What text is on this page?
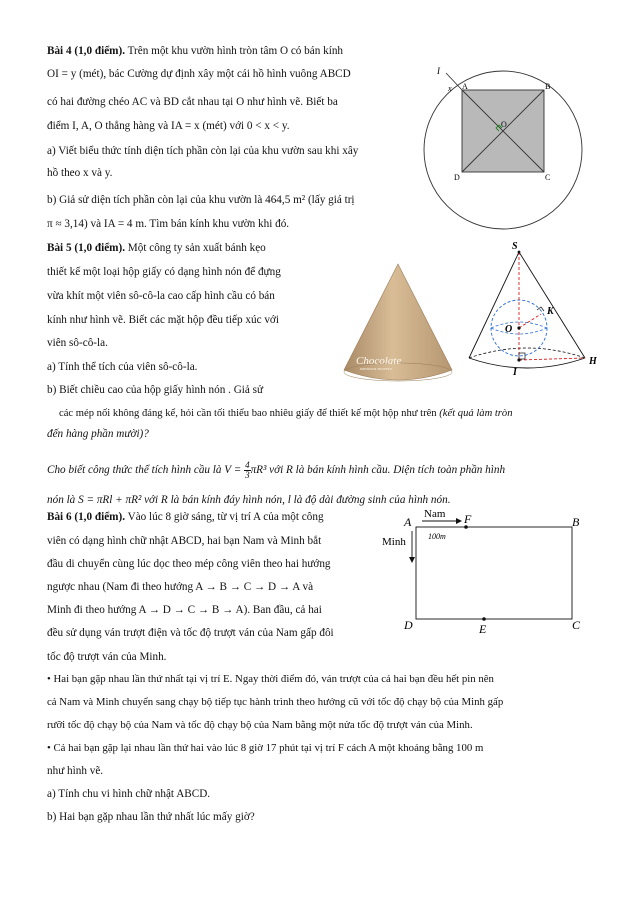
Bài 4 (1,0 điểm). Trên một khu vườn hình tròn tâm O có bán kính
OI = y (mét), bác Cường dự định xây một cái hồ hình vuông ABCD
có hai đường chéo AC và BD cắt nhau tại O như hình vẽ. Biết ba
điểm I, A, O thẳng hàng và IA = x (mét) với 0 < x < y.
a) Viết biểu thức tính diện tích phần còn lại của khu vườn sau khi xây
hồ theo x và y.
b) Giả sử diện tích phần còn lại của khu vườn là 464,5 m² (lấy giá trị
π ≈ 3,14) và IA = 4 m. Tìm bán kính khu vườn khi đó.
I
A
x	B
C
D
O
Bài 5 (1,0 điểm). Một công ty sản xuất bánh kẹo
thiết kế một loại hộp giấy có dạng hình nón để đựng
vừa khít một viên sô-cô-la cao cấp hình cầu có bán
kính như hình vẽ. Biết các mặt hộp đều tiếp xúc với
viên sô-cô-la.
a) Tính thể tích của viên sô-cô-la.
b) Biết chiều cao của hộp giấy hình nón . Giả sử
các mép nối không đáng kể, hỏi cần tối thiểu bao nhiêu giấy để thiết kế một hộp như trên (kết quả làm tròn
đến hàng phần mười)?
Cho biết công thức thể tích hình cầu là $V = \frac{4}{3} \pi R^3$ với R là bán kính hình cầu. Diện tích toàn phần hình
nón là S = πRl + πR² với R là bán kính đáy hình nón, l là độ dài đường sinh của hình nón.
Chocolate
PREMIUM TRUFFLE
S
K
O
I
H
Bài 6 (1,0 điểm). Vào lúc 8 giờ sáng, từ vị trí A của một công
viên có dạng hình chữ nhật ABCD, hai bạn Nam và Minh bắt
đầu di chuyển cùng lúc dọc theo mép công viên theo hai hướng
ngược nhau (Nam đi theo hướng A → B → C → D → A và
Minh đi theo hướng A → D → C → B → A). Ban đầu, cả hai
đều sử dụng ván trượt điện và tốc độ trượt ván của Nam gấp đôi
tốc độ trượt ván của Minh.
• Hai bạn gặp nhau lần thứ nhất tại vị trí E. Ngay thời điểm đó, ván trượt của cả hai bạn đều hết pin nên
cả Nam và Minh chuyển sang chạy bộ tiếp tục hành trình theo hướng cũ với tốc độ chạy bộ của Minh gấp
rưỡi tốc độ chạy bộ của Nam và tốc độ chạy bộ của Nam bằng một nửa tốc độ trượt ván của Minh.
• Cả hai bạn gặp lại nhau lần thứ hai vào lúc 8 giờ 17 phút tại vị trí F cách A một khoảng bằng 100 m
như hình vẽ.
a) Tính chu vi hình chữ nhật ABCD.
b) Hai bạn gặp nhau lần thứ nhất lúc mấy giờ?
A	B
C
D	E
F
Nam
Minh	100m
